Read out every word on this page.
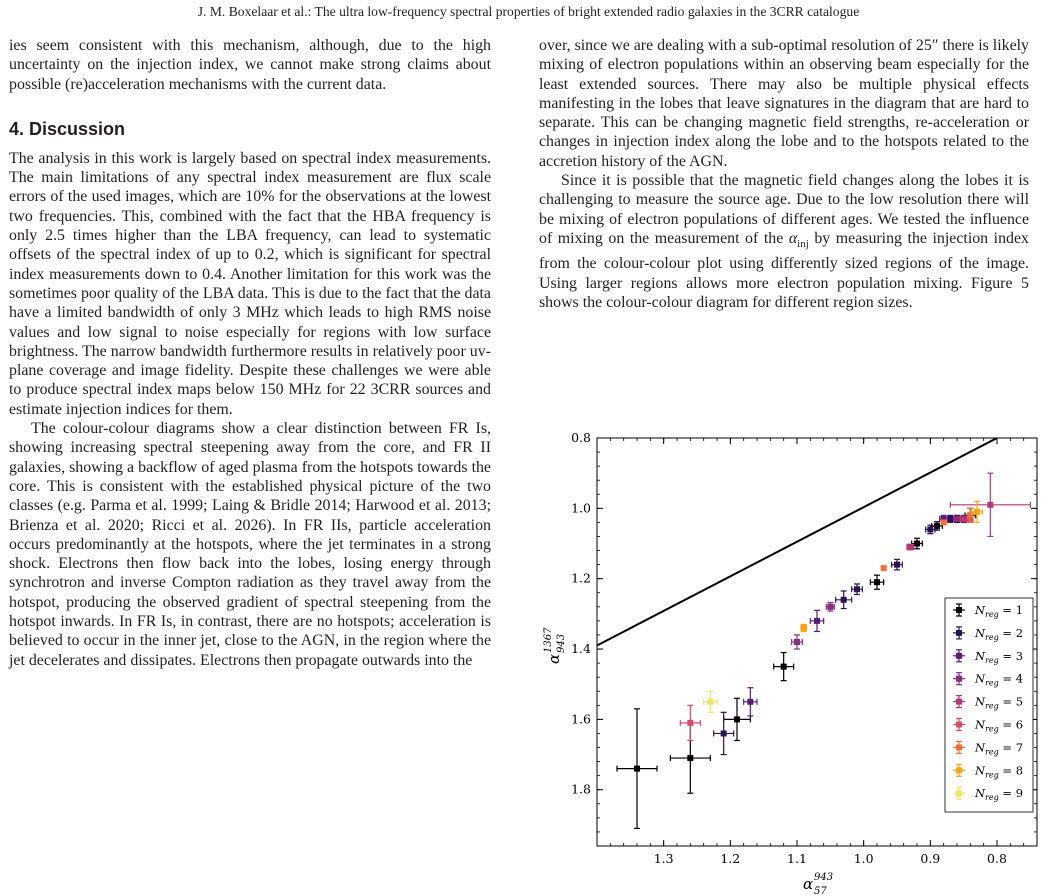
J. M. Boxelaar et al.: The ultra low-frequency spectral properties of bright extended radio galaxies in the 3CRR catalogue

ies seem consistent with this mechanism, although, due to the high uncertainty on the injection index, we cannot make strong claims about possible (re)acceleration mechanisms with the current data.

4. Discussion

The analysis in this work is largely based on spectral index measurements. The main limitations of any spectral index measurement are flux scale errors of the used images, which are 10% for the observations at the lowest two frequencies. This, combined with the fact that the HBA frequency is only 2.5 times higher than the LBA frequency, can lead to systematic offsets of the spectral index of up to 0.2, which is significant for spectral index measurements down to 0.4. Another limitation for this work was the sometimes poor quality of the LBA data. This is due to the fact that the data have a limited bandwidth of only 3 MHz which leads to high RMS noise values and low signal to noise especially for regions with low surface brightness. The narrow bandwidth furthermore results in relatively poor uv-plane coverage and image fidelity. Despite these challenges we were able to produce spectral index maps below 150 MHz for 22 3CRR sources and estimate injection indices for them.

The colour-colour diagrams show a clear distinction between FR Is, showing increasing spectral steepening away from the core, and FR II galaxies, showing a backflow of aged plasma from the hotspots towards the core. This is consistent with the established physical picture of the two classes (e.g. Parma et al. 1999; Laing & Bridle 2014; Harwood et al. 2013; Brienza et al. 2020; Ricci et al. 2026). In FR IIs, particle acceleration occurs predominantly at the hotspots, where the jet terminates in a strong shock. Electrons then flow back into the lobes, losing energy through synchrotron and inverse Compton radiation as they travel away from the hotspot, producing the observed gradient of spectral steepening from the hotspot inwards. In FR Is, in contrast, there are no hotspots; acceleration is believed to occur in the inner jet, close to the AGN, in the region where the jet decelerates and dissipates. Electrons then propagate outwards into the

over, since we are dealing with a sub-optimal resolution of 25″ there is likely mixing of electron populations within an observing beam especially for the least extended sources. There may also be multiple physical effects manifesting in the lobes that leave signatures in the diagram that are hard to separate. This can be changing magnetic field strengths, re-acceleration or changes in injection index along the lobe and to the hotspots related to the accretion history of the AGN.

Since it is possible that the magnetic field changes along the lobes it is challenging to measure the source age. Due to the low resolution there will be mixing of electron populations of different ages. We tested the influence of mixing on the measurement of the $\alpha_{inj}$ by measuring the injection index from the colour-colour plot using differently sized regions of the image. Using larger regions allows more electron population mixing. Figure 5 shows the colour-colour diagram for different region sizes.

1.3	1.2	1.1	1.0	0.9	0.8
0.8
1.0
1.2
1.4
1.6
1.8
α 943
57
α
1367 943
$N_{reg} = 1$
$N_{reg} = 2$
$N_{reg} = 3$
$N_{reg} = 4$
$N_{reg} = 5$
$N_{reg} = 6$
$N_{reg} = 7$
$N_{reg} = 8$
$N_{reg} = 9$
